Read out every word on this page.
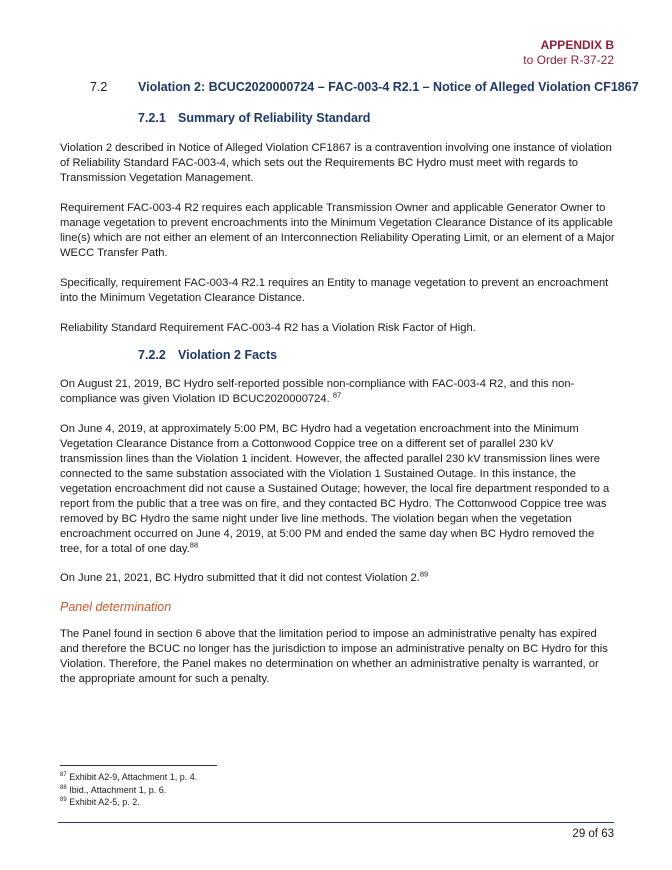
APPENDIX B
to Order R-37-22
7.2 Violation 2: BCUC2020000724 – FAC-003-4 R2.1 – Notice of Alleged Violation CF1867
7.2.1 Summary of Reliability Standard
Violation 2 described in Notice of Alleged Violation CF1867 is a contravention involving one instance of violation of Reliability Standard FAC-003-4, which sets out the Requirements BC Hydro must meet with regards to Transmission Vegetation Management.
Requirement FAC-003-4 R2 requires each applicable Transmission Owner and applicable Generator Owner to manage vegetation to prevent encroachments into the Minimum Vegetation Clearance Distance of its applicable line(s) which are not either an element of an Interconnection Reliability Operating Limit, or an element of a Major WECC Transfer Path.
Specifically, requirement FAC-003-4 R2.1 requires an Entity to manage vegetation to prevent an encroachment into the Minimum Vegetation Clearance Distance.
Reliability Standard Requirement FAC-003-4 R2 has a Violation Risk Factor of High.
7.2.2 Violation 2 Facts
On August 21, 2019, BC Hydro self-reported possible non-compliance with FAC-003-4 R2, and this non-compliance was given Violation ID BCUC2020000724. $^{87}$
On June 4, 2019, at approximately 5:00 PM, BC Hydro had a vegetation encroachment into the Minimum Vegetation Clearance Distance from a Cottonwood Coppice tree on a different set of parallel 230 kV transmission lines than the Violation 1 incident. However, the affected parallel 230 kV transmission lines were connected to the same substation associated with the Violation 1 Sustained Outage. In this instance, the vegetation encroachment did not cause a Sustained Outage; however, the local fire department responded to a report from the public that a tree was on fire, and they contacted BC Hydro. The Cottonwood Coppice tree was removed by BC Hydro the same night under live line methods. The violation began when the vegetation encroachment occurred on June 4, 2019, at 5:00 PM and ended the same day when BC Hydro removed the tree, for a total of one day.$^{88}$
On June 21, 2021, BC Hydro submitted that it did not contest Violation 2.89
Panel determination
The Panel found in section 6 above that the limitation period to impose an administrative penalty has expired and therefore the BCUC no longer has the jurisdiction to impose an administrative penalty on BC Hydro for this Violation. Therefore, the Panel makes no determination on whether an administrative penalty is warranted, or the appropriate amount for such a penalty.
$^{87}$ Exhibit A2-9, Attachment 1, p. 4.
$^{88}$ Ibid., Attachment 1, p. 6.
$^{89}$ Exhibit A2-5, p. 2.
29 of 63
